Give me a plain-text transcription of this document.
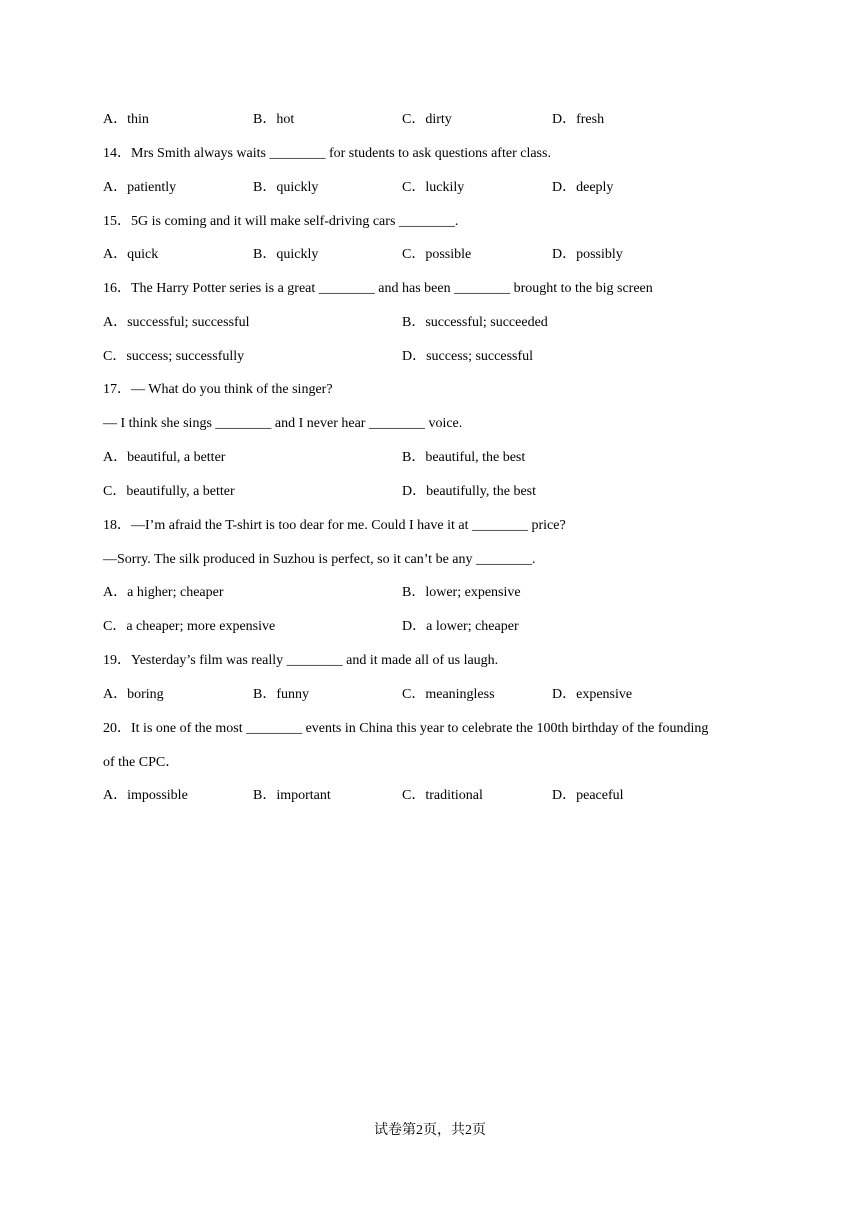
A．thin	B．hot	C．dirty	D．fresh
14．Mrs Smith always waits ________ for students to ask questions after class.
A．patiently	B．quickly	C．luckily	D．deeply
15．5G is coming and it will make self-driving cars ________.
A．quick	B．quickly	C．possible	D．possibly
16．The Harry Potter series is a great ________ and has been ________ brought to the big screen
A．successful; successful	B．successful; succeeded
C．success; successfully	D．success; successful
17．— What do you think of the singer?
— I think she sings ________ and I never hear ________ voice.
A．beautiful, a better	B．beautiful, the best
C．beautifully, a better	D．beautifully, the best
18．—I’m afraid the T-shirt is too dear for me. Could I have it at ________ price?
—Sorry. The silk produced in Suzhou is perfect, so it can’t be any ________.
A．a higher; cheaper	B．lower; expensive
C．a cheaper; more expensive	D．a lower; cheaper
19．Yesterday’s film was really ________ and it made all of us laugh.
A．boring	B．funny	C．meaningless	D．expensive
20．It is one of the most ________ events in China this year to celebrate the 100th birthday of the founding
of the CPC．
A．impossible	B．important	C．traditional	D．peaceful
试卷第2页，共2页
